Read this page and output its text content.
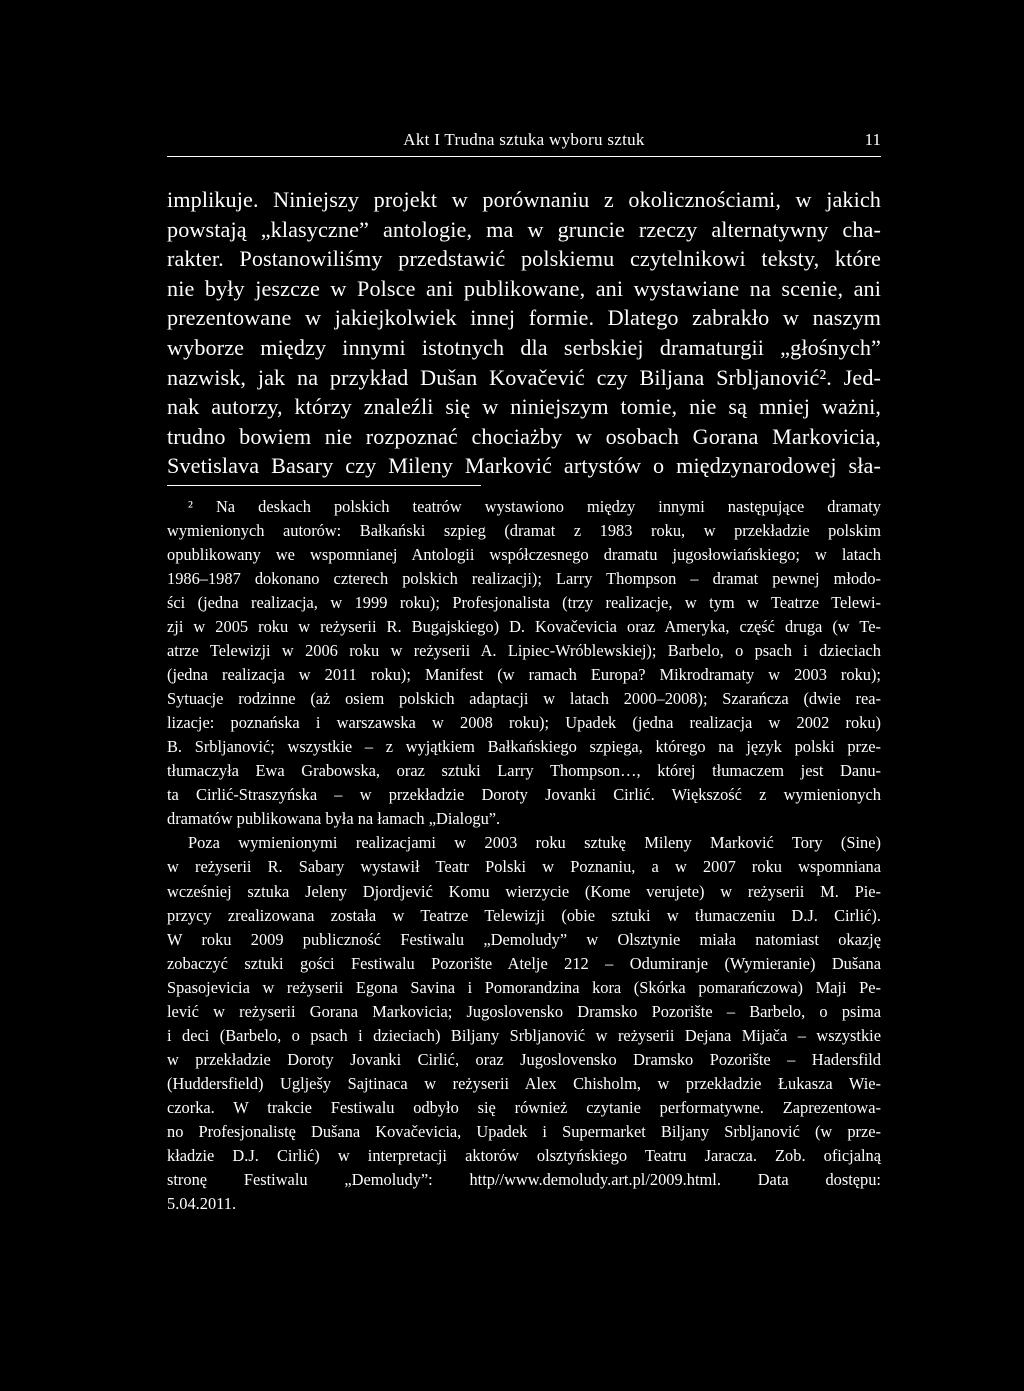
Akt I Trudna sztuka wyboru sztuk	11
implikuje. Niniejszy projekt w porównaniu z okolicznościami, w jakich
powstają „klasyczne” antologie, ma w gruncie rzeczy alternatywny cha-
rakter. Postanowiliśmy przedstawić polskiemu czytelnikowi teksty, które
nie były jeszcze w Polsce ani publikowane, ani wystawiane na scenie, ani
prezentowane w jakiejkolwiek innej formie. Dlatego zabrakło w naszym
wyborze między innymi istotnych dla serbskiej dramaturgii „głośnych”
nazwisk, jak na przykład Dušan Kovačević czy Biljana Srbljanović². Jed-
nak autorzy, którzy znaleźli się w niniejszym tomie, nie są mniej ważni,
trudno bowiem nie rozpoznać chociażby w osobach Gorana Markovicia,
Svetislava Basary czy Mileny Marković artystów o międzynarodowej sła-
² Na deskach polskich teatrów wystawiono między innymi następujące dramaty
wymienionych autorów: Bałkański szpieg (dramat z 1983 roku, w przekładzie polskim
opublikowany we wspomnianej Antologii współczesnego dramatu jugosłowiańskiego; w latach
1986–1987 dokonano czterech polskich realizacji); Larry Thompson – dramat pewnej młodo-
ści (jedna realizacja, w 1999 roku); Profesjonalista (trzy realizacje, w tym w Teatrze Telewi-
zji w 2005 roku w reżyserii R. Bugajskiego) D. Kovačevicia oraz Ameryka, część druga (w Te-
atrze Telewizji w 2006 roku w reżyserii A. Lipiec-Wróblewskiej); Barbelo, o psach i dzieciach
(jedna realizacja w 2011 roku); Manifest (w ramach Europa? Mikrodramaty w 2003 roku);
Sytuacje rodzinne (aż osiem polskich adaptacji w latach 2000–2008); Szarańcza (dwie rea-
lizacje: poznańska i warszawska w 2008 roku); Upadek (jedna realizacja w 2002 roku)
B. Srbljanović; wszystkie – z wyjątkiem Bałkańskiego szpiega, którego na język polski prze-
tłumaczyła Ewa Grabowska, oraz sztuki Larry Thompson…, której tłumaczem jest Danu-
ta Cirlić-Straszyńska – w przekładzie Doroty Jovanki Cirlić. Większość z wymienionych
dramatów publikowana była na łamach „Dialogu”.
Poza wymienionymi realizacjami w 2003 roku sztukę Mileny Marković Tory (Sine)
w reżyserii R. Sabary wystawił Teatr Polski w Poznaniu, a w 2007 roku wspomniana
wcześniej sztuka Jeleny Djordjević Komu wierzycie (Kome verujete) w reżyserii M. Pie-
przycy zrealizowana została w Teatrze Telewizji (obie sztuki w tłumaczeniu D.J. Cirlić).
W roku 2009 publiczność Festiwalu „Demoludy” w Olsztynie miała natomiast okazję
zobaczyć sztuki gości Festiwalu Pozorište Atelje 212 – Odumiranje (Wymieranie) Dušana
Spasojevicia w reżyserii Egona Savina i Pomorandzina kora (Skórka pomarańczowa) Maji Pe-
lević w reżyserii Gorana Markovicia; Jugoslovensko Dramsko Pozorište – Barbelo, o psima
i deci (Barbelo, o psach i dzieciach) Biljany Srbljanović w reżyserii Dejana Mijača – wszystkie
w przekładzie Doroty Jovanki Cirlić, oraz Jugoslovensko Dramsko Pozorište – Hadersfild
(Huddersfield) Uglješy Sajtinaca w reżyserii Alex Chisholm, w przekładzie Łukasza Wie-
czorka. W trakcie Festiwalu odbyło się również czytanie performatywne. Zaprezentowa-
no Profesjonalistę Dušana Kovačevicia, Upadek i Supermarket Biljany Srbljanović (w prze-
kładzie D.J. Cirlić) w interpretacji aktorów olsztyńskiego Teatru Jaracza. Zob. oficjalną
stronę Festiwalu „Demoludy”: http//www.demoludy.art.pl/2009.html. Data dostępu:
5.04.2011.
